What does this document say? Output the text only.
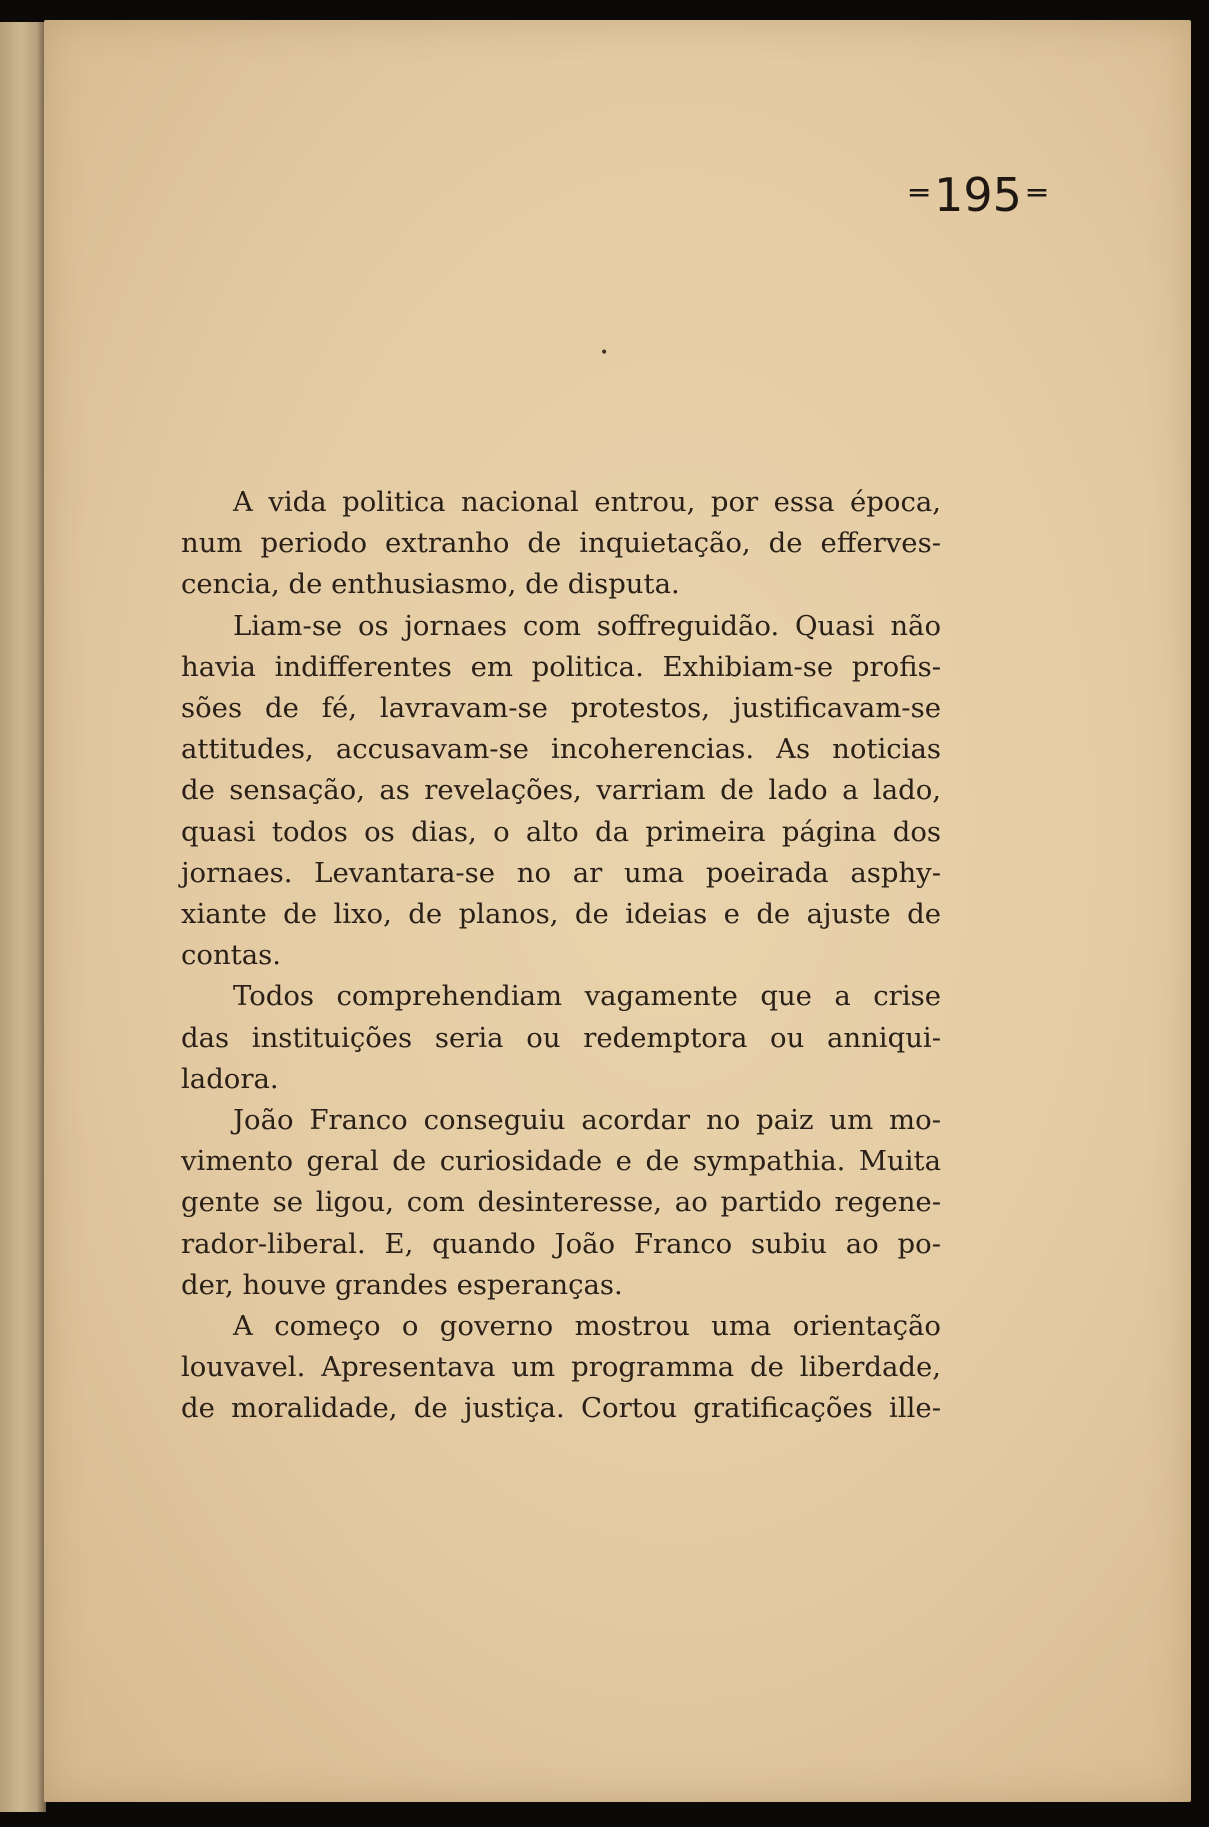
═ 195 ═
•
A vida politica nacional entrou, por essa época,
num periodo extranho de inquietação, de efferves-
cencia, de enthusiasmo, de disputa.
Liam-se os jornaes com soffreguidão. Quasi não
havia indifferentes em politica. Exhibiam-se profis-
sões de fé, lavravam-se protestos, justificavam-se
attitudes, accusavam-se incoherencias. As noticias
de sensação, as revelações, varriam de lado a lado,
quasi todos os dias, o alto da primeira página dos
jornaes. Levantara-se no ar uma poeirada asphy-
xiante de lixo, de planos, de ideias e de ajuste de
contas.
Todos comprehendiam vagamente que a crise
das instituições seria ou redemptora ou anniqui-
ladora.
João Franco conseguiu acordar no paiz um mo-
vimento geral de curiosidade e de sympathia. Muita
gente se ligou, com desinteresse, ao partido regene-
rador-liberal. E, quando João Franco subiu ao po-
der, houve grandes esperanças.
A começo o governo mostrou uma orientação
louvavel. Apresentava um programma de liberdade,
de moralidade, de justiça. Cortou gratificações ille-
